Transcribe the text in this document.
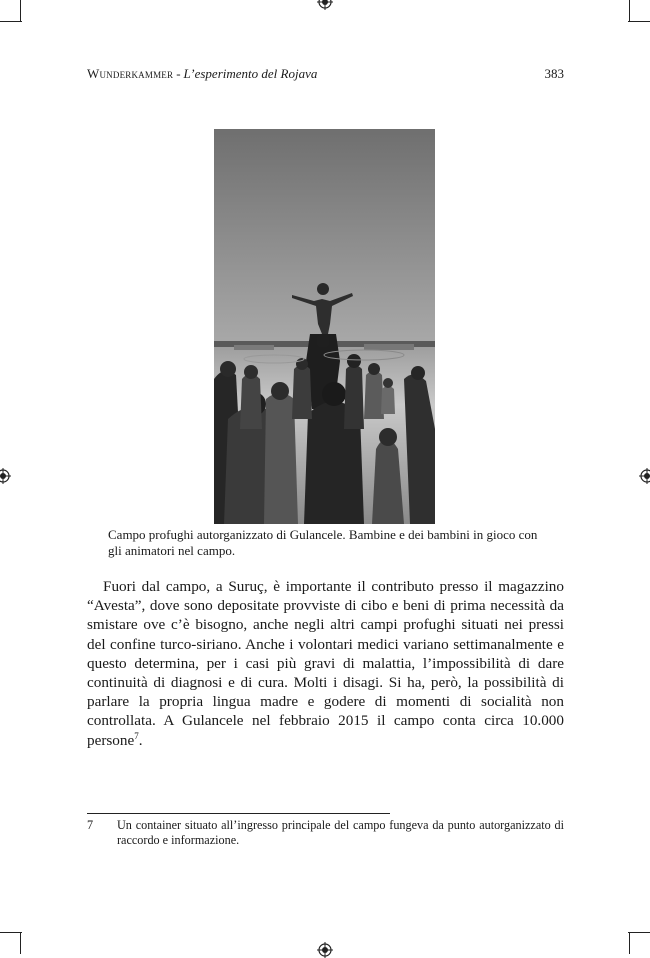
Wunderkammer - L’esperimento del Rojava	383
Campo profughi autorganizzato di Gulancele. Bambine e dei bambini in gioco con gli animatori nel campo.

Fuori dal campo, a Suruç, è importante il contributo presso il magazzino “Avesta”, dove sono depositate provviste di cibo e beni di prima necessità da smistare ove c’è bisogno, anche negli altri campi profughi situati nei pressi del confine turco-siriano. Anche i volontari medici variano settimanalmente e questo determina, per i casi più gravi di malattia, l’impossibilità di dare continuità di diagnosi e di cura. Molti i disagi. Si ha, però, la possibilità di parlare la propria lingua madre e godere di momenti di socialità non controllata. A Gulancele nel febbraio 2015 il campo conta circa 10.000 persone$^7$.

7	Un container situato all’ingresso principale del campo fungeva da punto autorganizzato di raccordo e informazione.
